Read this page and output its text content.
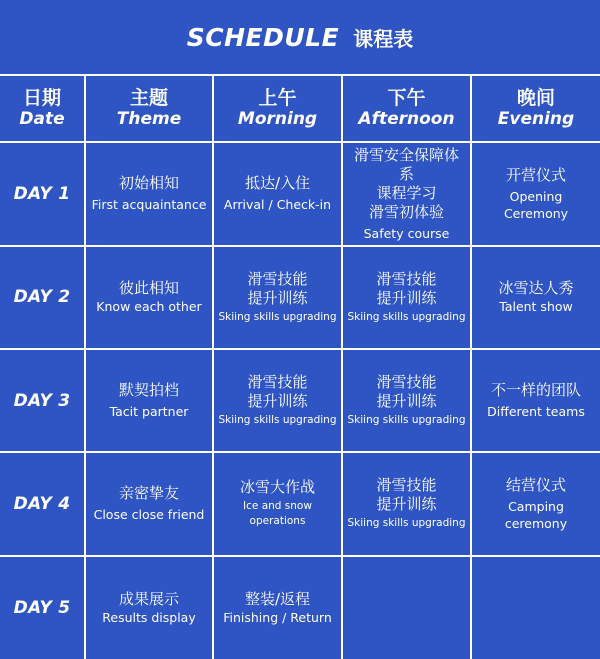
SCHEDULE 课程表
日期
Date	主题
Theme	上午
Morning	下午
Afternoon	晚间
Evening

DAY 1	初始相知
First acquaintance	抵达/入住
Arrival / Check-in	滑雪安全保障体系
课程学习
滑雪初体验
Safety course	开营仪式
Opening Ceremony

DAY 2	彼此相知
Know each other	滑雪技能
提升训练
Skiing skills upgrading	滑雪技能
提升训练
Skiing skills upgrading	冰雪达人秀
Talent show

DAY 3	默契拍档
Tacit partner	滑雪技能
提升训练
Skiing skills upgrading	滑雪技能
提升训练
Skiing skills upgrading	不一样的团队
Different teams

DAY 4	亲密挚友
Close close friend	冰雪大作战
Ice and snow
operations	滑雪技能
提升训练
Skiing skills upgrading	结营仪式
Camping ceremony

DAY 5	成果展示
Results display	整装/返程
Finishing / Return		
